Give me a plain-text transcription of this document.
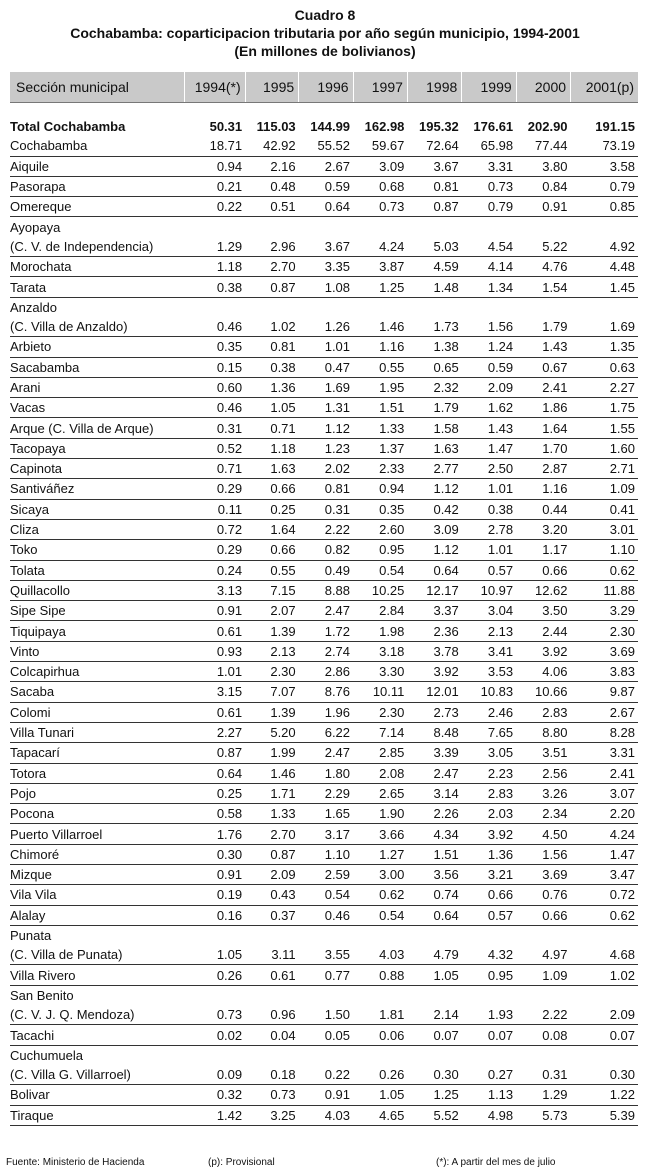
Cuadro 8
Cochabamba: coparticipacion tributaria por año según municipio, 1994-2001
(En millones de bolivianos)
Sección municipal	1994(*)	1995	1996	1997	1998	1999	2000	2001(p)

Total Cochabamba	50.31	115.03	144.99	162.98	195.32	176.61	202.90	191.15
Cochabamba	18.71	42.92	55.52	59.67	72.64	65.98	77.44	73.19
Aiquile	0.94	2.16	2.67	3.09	3.67	3.31	3.80	3.58
Pasorapa	0.21	0.48	0.59	0.68	0.81	0.73	0.84	0.79
Omereque	0.22	0.51	0.64	0.73	0.87	0.79	0.91	0.85
Ayopaya								
(C. V. de Independencia)	1.29	2.96	3.67	4.24	5.03	4.54	5.22	4.92
Morochata	1.18	2.70	3.35	3.87	4.59	4.14	4.76	4.48
Tarata	0.38	0.87	1.08	1.25	1.48	1.34	1.54	1.45
Anzaldo								
(C. Villa de Anzaldo)	0.46	1.02	1.26	1.46	1.73	1.56	1.79	1.69
Arbieto	0.35	0.81	1.01	1.16	1.38	1.24	1.43	1.35
Sacabamba	0.15	0.38	0.47	0.55	0.65	0.59	0.67	0.63
Arani	0.60	1.36	1.69	1.95	2.32	2.09	2.41	2.27
Vacas	0.46	1.05	1.31	1.51	1.79	1.62	1.86	1.75
Arque (C. Villa de Arque)	0.31	0.71	1.12	1.33	1.58	1.43	1.64	1.55
Tacopaya	0.52	1.18	1.23	1.37	1.63	1.47	1.70	1.60
Capinota	0.71	1.63	2.02	2.33	2.77	2.50	2.87	2.71
Santiváñez	0.29	0.66	0.81	0.94	1.12	1.01	1.16	1.09
Sicaya	0.11	0.25	0.31	0.35	0.42	0.38	0.44	0.41
Cliza	0.72	1.64	2.22	2.60	3.09	2.78	3.20	3.01
Toko	0.29	0.66	0.82	0.95	1.12	1.01	1.17	1.10
Tolata	0.24	0.55	0.49	0.54	0.64	0.57	0.66	0.62
Quillacollo	3.13	7.15	8.88	10.25	12.17	10.97	12.62	11.88
Sipe Sipe	0.91	2.07	2.47	2.84	3.37	3.04	3.50	3.29
Tiquipaya	0.61	1.39	1.72	1.98	2.36	2.13	2.44	2.30
Vinto	0.93	2.13	2.74	3.18	3.78	3.41	3.92	3.69
Colcapirhua	1.01	2.30	2.86	3.30	3.92	3.53	4.06	3.83
Sacaba	3.15	7.07	8.76	10.11	12.01	10.83	10.66	9.87
Colomi	0.61	1.39	1.96	2.30	2.73	2.46	2.83	2.67
Villa Tunari	2.27	5.20	6.22	7.14	8.48	7.65	8.80	8.28
Tapacarí	0.87	1.99	2.47	2.85	3.39	3.05	3.51	3.31
Totora	0.64	1.46	1.80	2.08	2.47	2.23	2.56	2.41
Pojo	0.25	1.71	2.29	2.65	3.14	2.83	3.26	3.07
Pocona	0.58	1.33	1.65	1.90	2.26	2.03	2.34	2.20
Puerto Villarroel	1.76	2.70	3.17	3.66	4.34	3.92	4.50	4.24
Chimoré	0.30	0.87	1.10	1.27	1.51	1.36	1.56	1.47
Mizque	0.91	2.09	2.59	3.00	3.56	3.21	3.69	3.47
Vila Vila	0.19	0.43	0.54	0.62	0.74	0.66	0.76	0.72
Alalay	0.16	0.37	0.46	0.54	0.64	0.57	0.66	0.62
Punata								
(C. Villa de Punata)	1.05	3.11	3.55	4.03	4.79	4.32	4.97	4.68
Villa Rivero	0.26	0.61	0.77	0.88	1.05	0.95	1.09	1.02
San Benito								
(C. V. J. Q. Mendoza)	0.73	0.96	1.50	1.81	2.14	1.93	2.22	2.09
Tacachi	0.02	0.04	0.05	0.06	0.07	0.07	0.08	0.07
Cuchumuela								
(C. Villa G. Villarroel)	0.09	0.18	0.22	0.26	0.30	0.27	0.31	0.30
Bolivar	0.32	0.73	0.91	1.05	1.25	1.13	1.29	1.22
Tiraque	1.42	3.25	4.03	4.65	5.52	4.98	5.73	5.39
Fuente: Ministerio de Hacienda	(p): Provisional	(*): A partir del mes de julio
